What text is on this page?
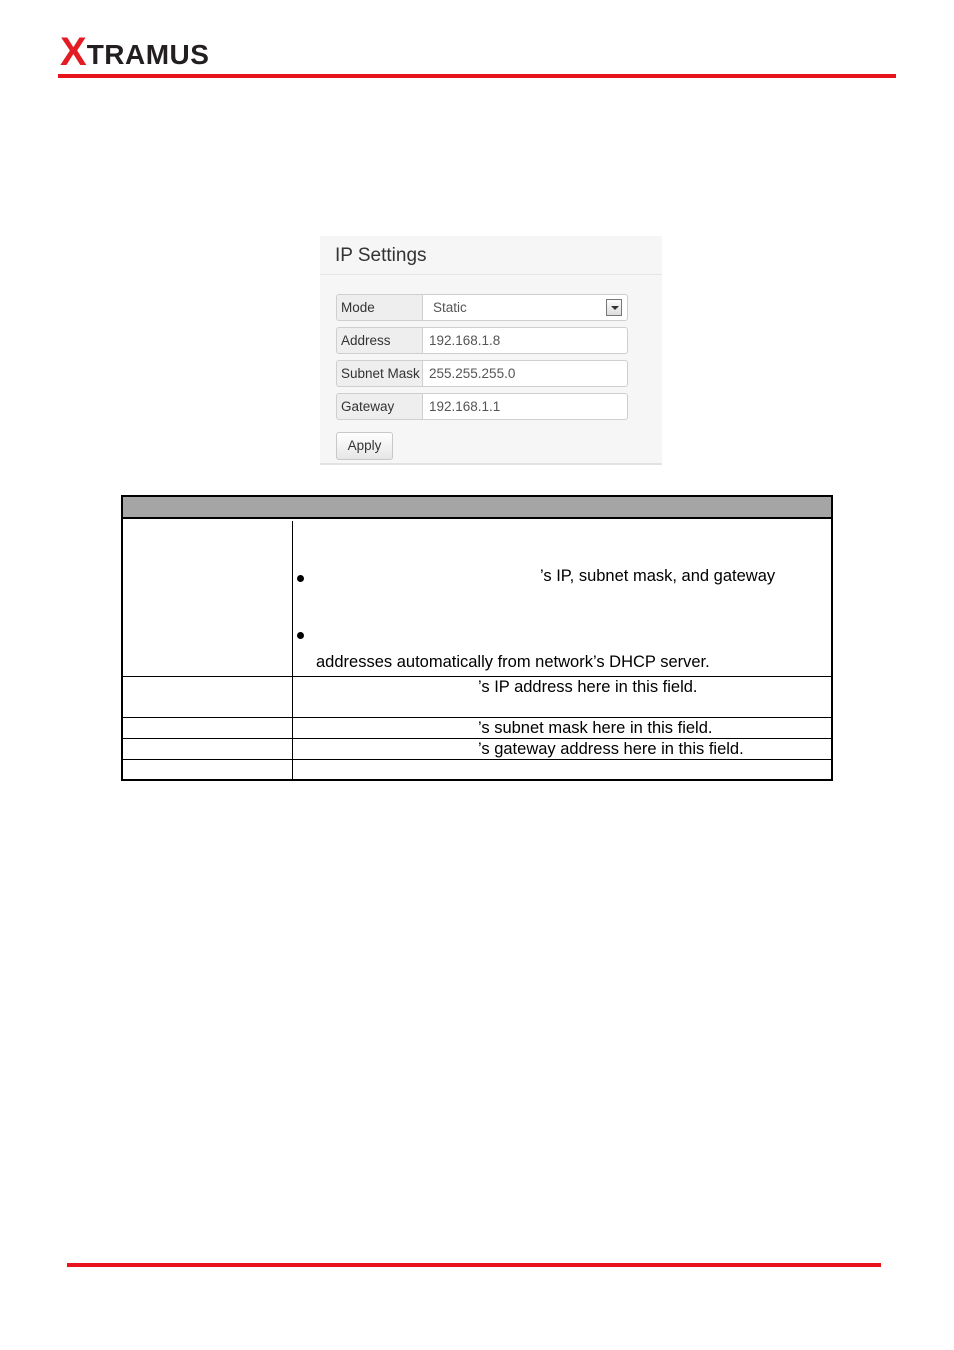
X TRAMUS
IP Settings
Mode	Static
Address	192.168.1.8
Subnet Mask 255.255.255.0
Gateway	192.168.1.1
Apply
’s IP, subnet mask, and gateway
addresses automatically from network’s DHCP server.
’s IP address here in this field.
’s subnet mask here in this field.
’s gateway address here in this field.
